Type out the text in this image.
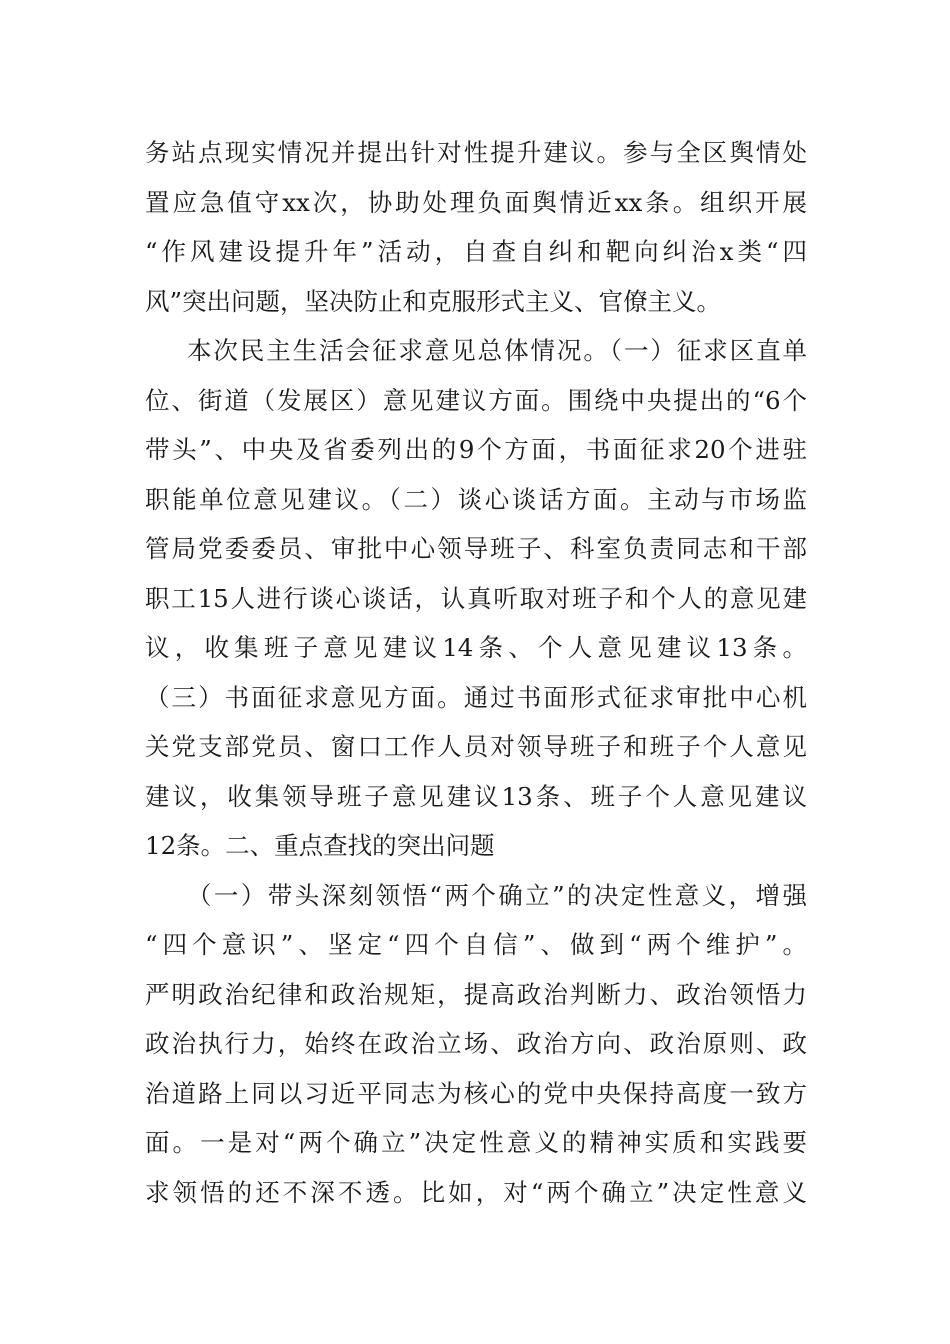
务站点现实情况并提出针对性提升建议。参与全区舆情处
置应急值守xx次，协助处理负面舆情近xx条。组织开展
“作风建设提升年”活动，自查自纠和靶向纠治x类“四
风”突出问题，坚决防止和克服形式主义、官僚主义。
本次民主生活会征求意见总体情况。（一）征求区直单
位、街道（发展区）意见建议方面。围绕中央提出的“6个
带头”、中央及省委列出的9个方面，书面征求20个进驻
职能单位意见建议。（二）谈心谈话方面。主动与市场监
管局党委委员、审批中心领导班子、科室负责同志和干部
职工15人进行谈心谈话，认真听取对班子和个人的意见建
议，收集班子意见建议14条、个人意见建议13条。
（三）书面征求意见方面。通过书面形式征求审批中心机
关党支部党员、窗口工作人员对领导班子和班子个人意见
建议，收集领导班子意见建议13条、班子个人意见建议
12条。二、重点查找的突出问题
（一）带头深刻领悟“两个确立”的决定性意义，增强
“四个意识”、坚定“四个自信”、做到“两个维护”。
严明政治纪律和政治规矩，提高政治判断力、政治领悟力
政治执行力，始终在政治立场、政治方向、政治原则、政
治道路上同以习近平同志为核心的党中央保持高度一致方
面。一是对“两个确立”决定性意义的精神实质和实践要
求领悟的还不深不透。比如，对“两个确立”决定性意义
